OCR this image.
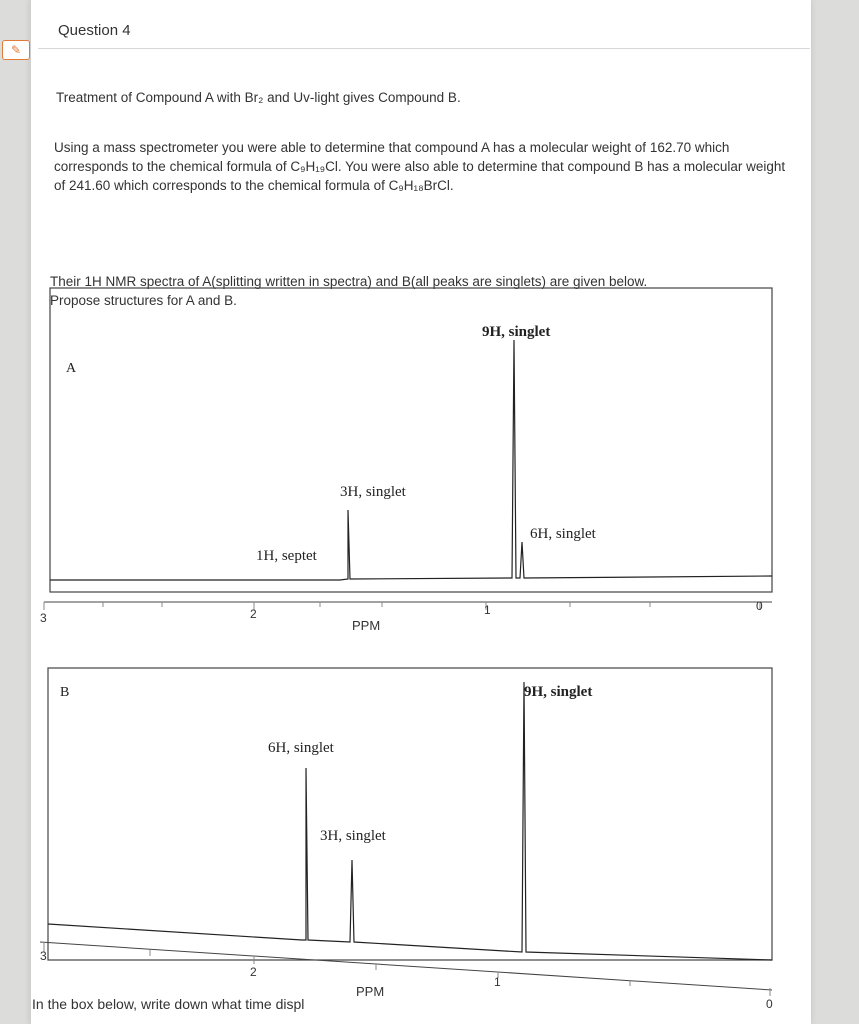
✎
Question 4
Treatment of Compound A with Br₂ and Uv-light gives Compound B.
Using a mass spectrometer you were able to determine that compound A has a molecular weight of 162.70 which corresponds to the chemical formula of C₉H₁₉Cl. You were also able to determine that compound B has a molecular weight of 241.60 which corresponds to the chemical formula of C₉H₁₈BrCl.
Their 1H NMR spectra of A(splitting written in spectra) and B(all peaks are singlets) are given below.
Propose structures for A and B.
A
3	2	1	0
PPM
1H, septet
3H, singlet
9H, singlet
6H, singlet
B
3
2
1
0
PPM
6H, singlet
3H, singlet
9H, singlet
In the box below, write down what time displ
